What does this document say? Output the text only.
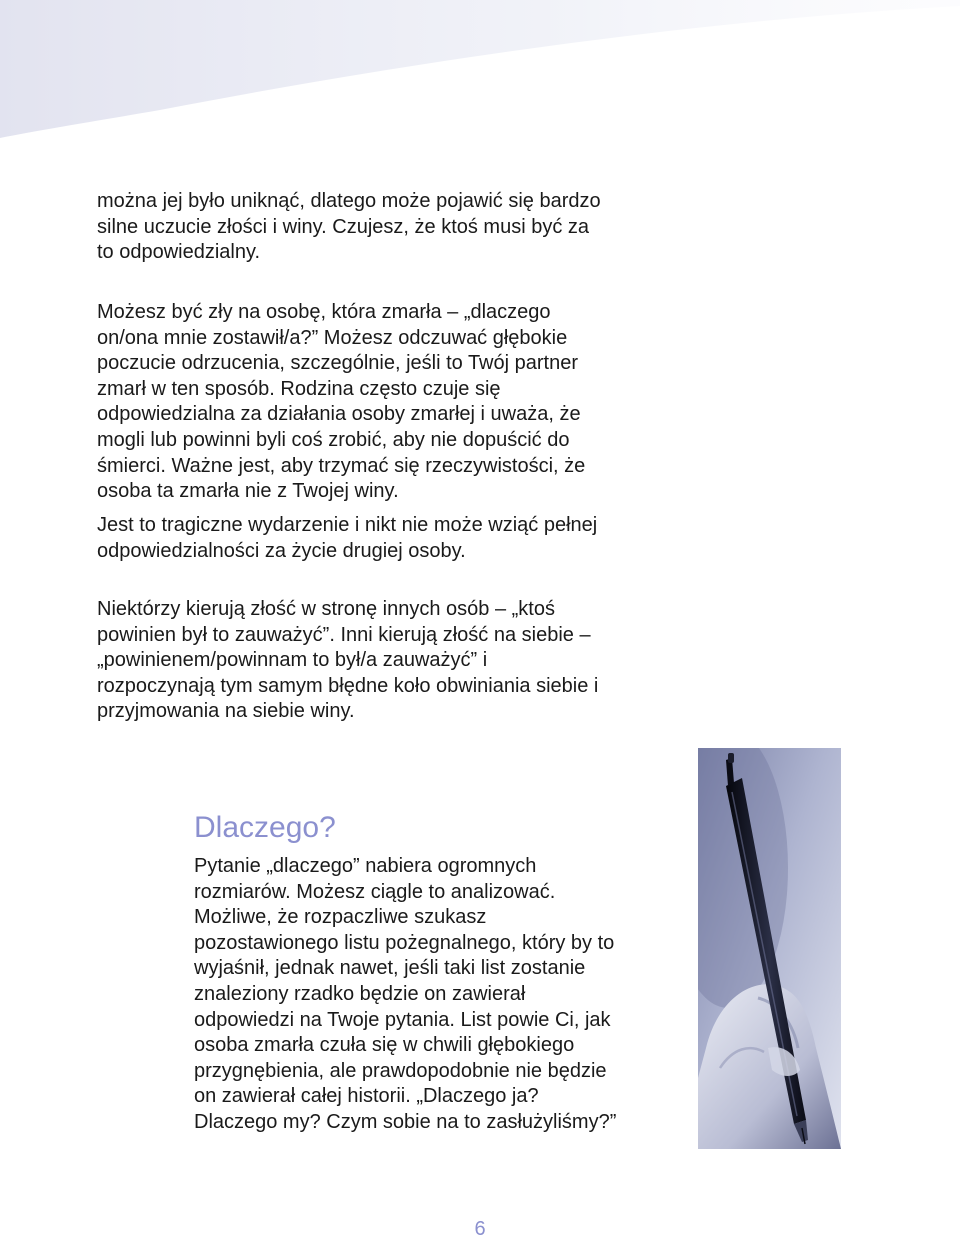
można jej było uniknąć, dlatego może pojawić się bardzo
silne uczucie złości i winy. Czujesz, że ktoś musi być za
to odpowiedzialny.
Możesz być zły na osobę, która zmarła – „dlaczego
on/ona mnie zostawił/a?” Możesz odczuwać głębokie
poczucie odrzucenia, szczególnie, jeśli to Twój partner
zmarł w ten sposób. Rodzina często czuje się
odpowiedzialna za działania osoby zmarłej i uważa, że
mogli lub powinni byli coś zrobić, aby nie dopuścić do
śmierci. Ważne jest, aby trzymać się rzeczywistości, że
osoba ta zmarła nie z Twojej winy.
Jest to tragiczne wydarzenie i nikt nie może wziąć pełnej
odpowiedzialności za życie drugiej osoby.
Niektórzy kierują złość w stronę innych osób – „ktoś
powinien był to zauważyć”. Inni kierują złość na siebie –
„powinienem/powinnam to był/a zauważyć” i
rozpoczynają tym samym błędne koło obwiniania siebie i
przyjmowania na siebie winy.
Dlaczego?
Pytanie „dlaczego” nabiera ogromnych
rozmiarów. Możesz ciągle to analizować.
Możliwe, że rozpaczliwe szukasz
pozostawionego listu pożegnalnego, który by to
wyjaśnił, jednak nawet, jeśli taki list zostanie
znaleziony rzadko będzie on zawierał
odpowiedzi na Twoje pytania. List powie Ci, jak
osoba zmarła czuła się w chwili głębokiego
przygnębienia, ale prawdopodobnie nie będzie
on zawierał całej historii. „Dlaczego ja?
Dlaczego my? Czym sobie na to zasłużyliśmy?”
6
